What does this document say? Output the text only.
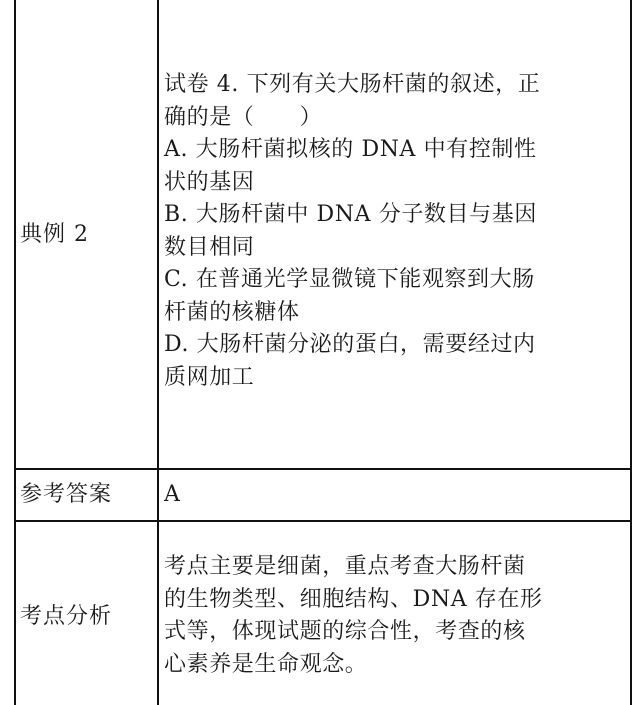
典例 2
试卷 4. 下列有关大肠杆菌的叙述，正
确的是（　　）
A. 大肠杆菌拟核的 DNA 中有控制性
状的基因
B. 大肠杆菌中 DNA 分子数目与基因
数目相同
C. 在普通光学显微镜下能观察到大肠
杆菌的核糖体
D. 大肠杆菌分泌的蛋白，需要经过内
质网加工
参考答案 A
考点分析
考点主要是细菌，重点考查大肠杆菌
的生物类型、细胞结构、DNA 存在形
式等，体现试题的综合性，考查的核
心素养是生命观念。
